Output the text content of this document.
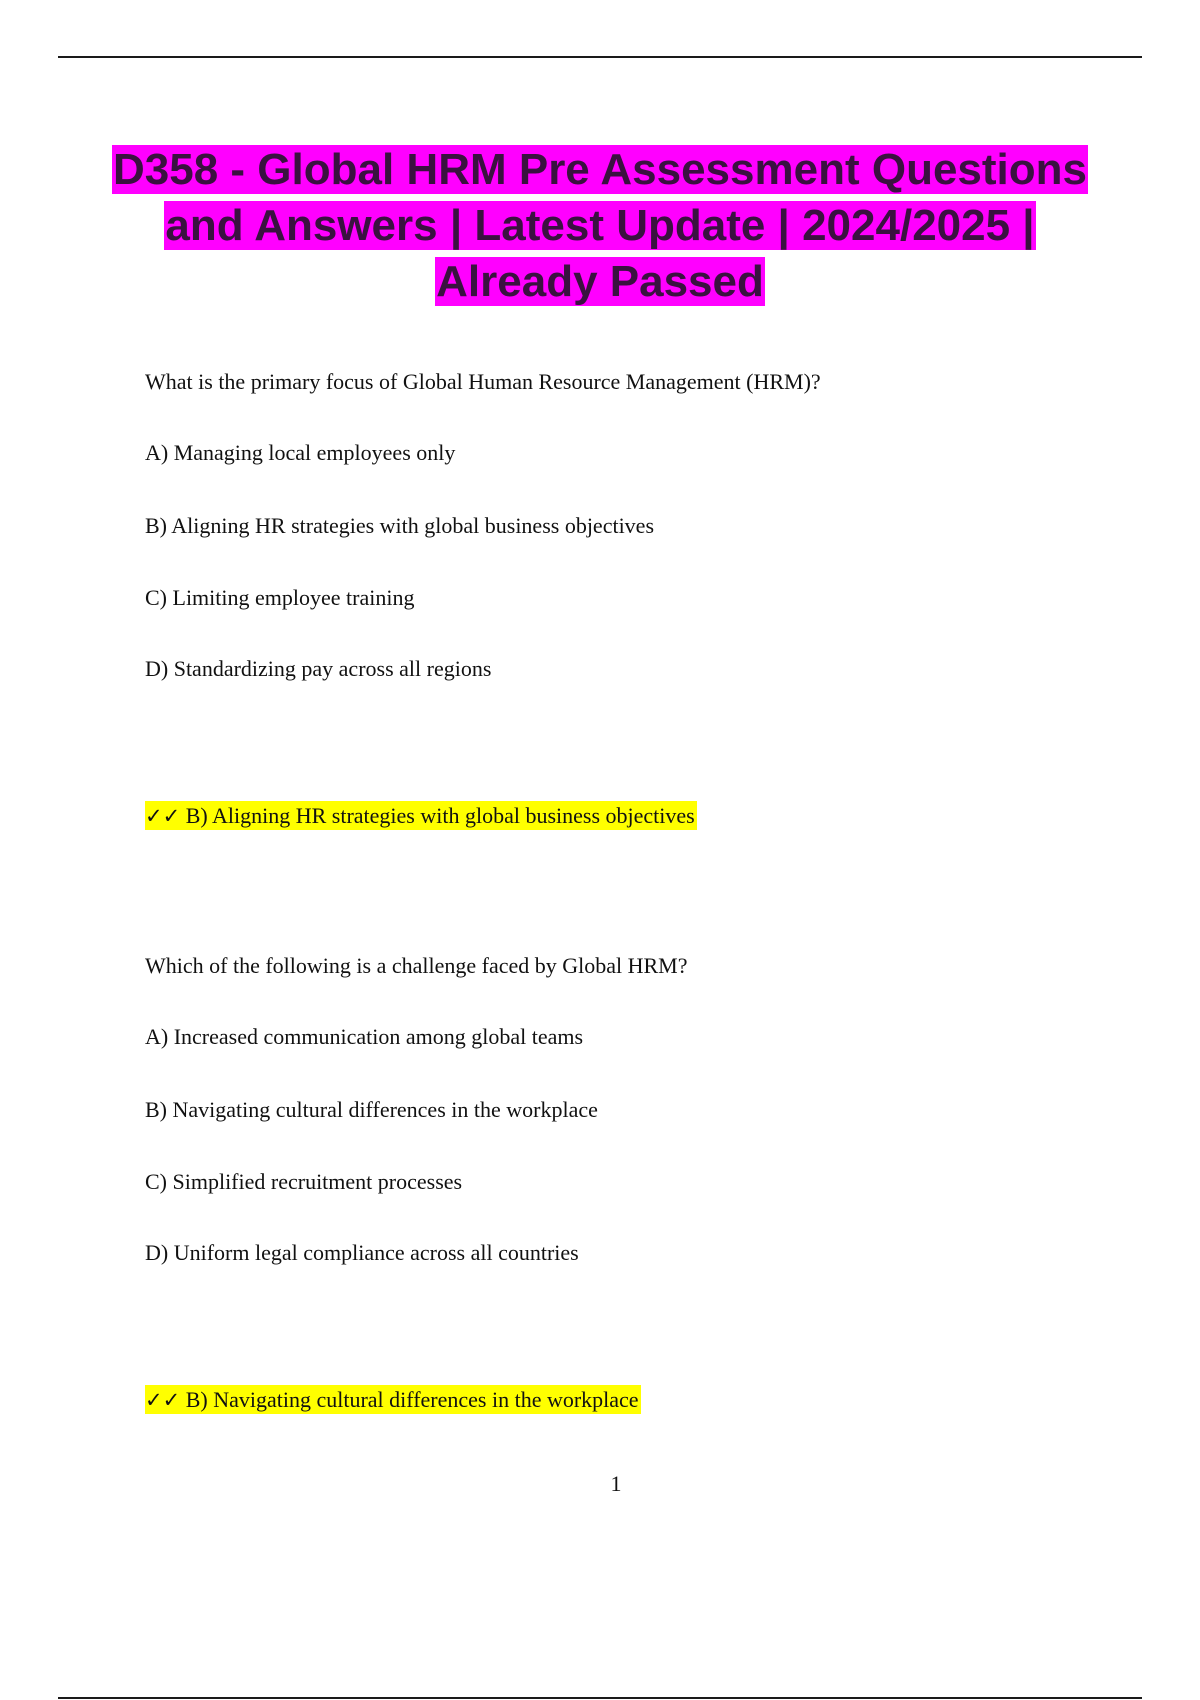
D358 - Global HRM Pre Assessment Questions and Answers | Latest Update | 2024/2025 | Already Passed

What is the primary focus of Global Human Resource Management (HRM)?

A) Managing local employees only

B) Aligning HR strategies with global business objectives

C) Limiting employee training

D) Standardizing pay across all regions

✓✓ B) Aligning HR strategies with global business objectives

Which of the following is a challenge faced by Global HRM?

A) Increased communication among global teams

B) Navigating cultural differences in the workplace

C) Simplified recruitment processes

D) Uniform legal compliance across all countries

✓✓ B) Navigating cultural differences in the workplace

1
